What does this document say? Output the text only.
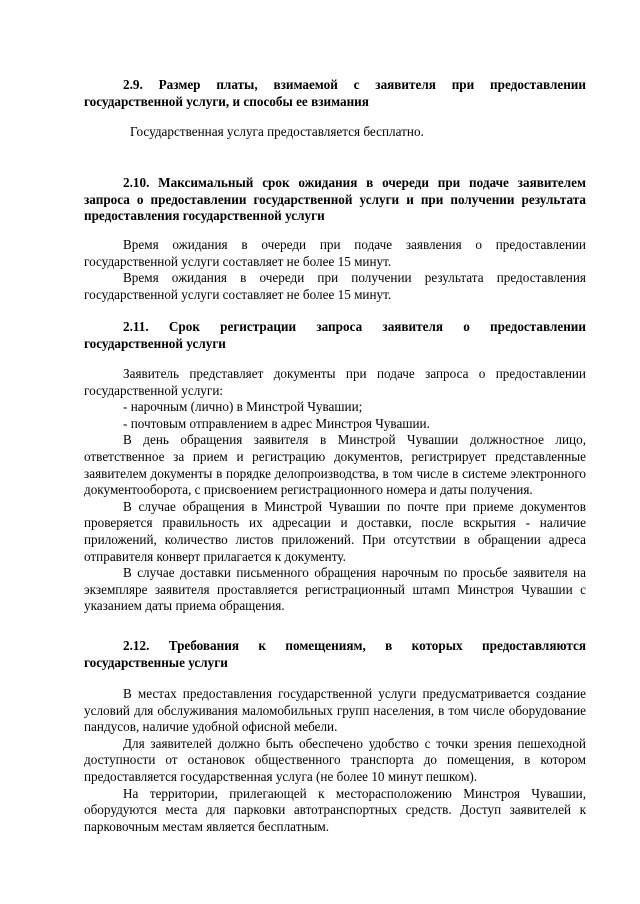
2.9. Размер платы, взимаемой с заявителя при предоставлении государственной услуги, и способы ее взимания

Государственная услуга предоставляется бесплатно.

2.10. Максимальный срок ожидания в очереди при подаче заявителем запроса о предоставлении государственной услуги и при получении результата предоставления государственной услуги

Время ожидания в очереди при подаче заявления о предоставлении государственной услуги составляет не более 15 минут.

Время ожидания в очереди при получении результата предоставления государственной услуги составляет не более 15 минут.

2.11. Срок регистрации запроса заявителя о предоставлении государственной услуги

Заявитель представляет документы при подаче запроса о предоставлении государственной услуги:

- нарочным (лично) в Минстрой Чувашии;

- почтовым отправлением в адрес Минстроя Чувашии.

В день обращения заявителя в Минстрой Чувашии должностное лицо, ответственное за прием и регистрацию документов, регистрирует представленные заявителем документы в порядке делопроизводства, в том числе в системе электронного документооборота, с присвоением регистрационного номера и даты получения.

В случае обращения в Минстрой Чувашии по почте при приеме документов проверяется правильность их адресации и доставки, после вскрытия - наличие приложений, количество листов приложений. При отсутствии в обращении адреса отправителя конверт прилагается к документу.

В случае доставки письменного обращения нарочным по просьбе заявителя на экземпляре заявителя проставляется регистрационный штамп Минстроя Чувашии с указанием даты приема обращения.

2.12. Требования к помещениям, в которых предоставляются государственные услуги

В местах предоставления государственной услуги предусматривается создание условий для обслуживания маломобильных групп населения, в том числе оборудование пандусов, наличие удобной офисной мебели.

Для заявителей должно быть обеспечено удобство с точки зрения пешеходной доступности от остановок общественного транспорта до помещения, в котором предоставляется государственная услуга (не более 10 минут пешком).

На территории, прилегающей к месторасположению Минстроя Чувашии, оборудуются места для парковки автотранспортных средств. Доступ заявителей к парковочным местам является бесплатным.
